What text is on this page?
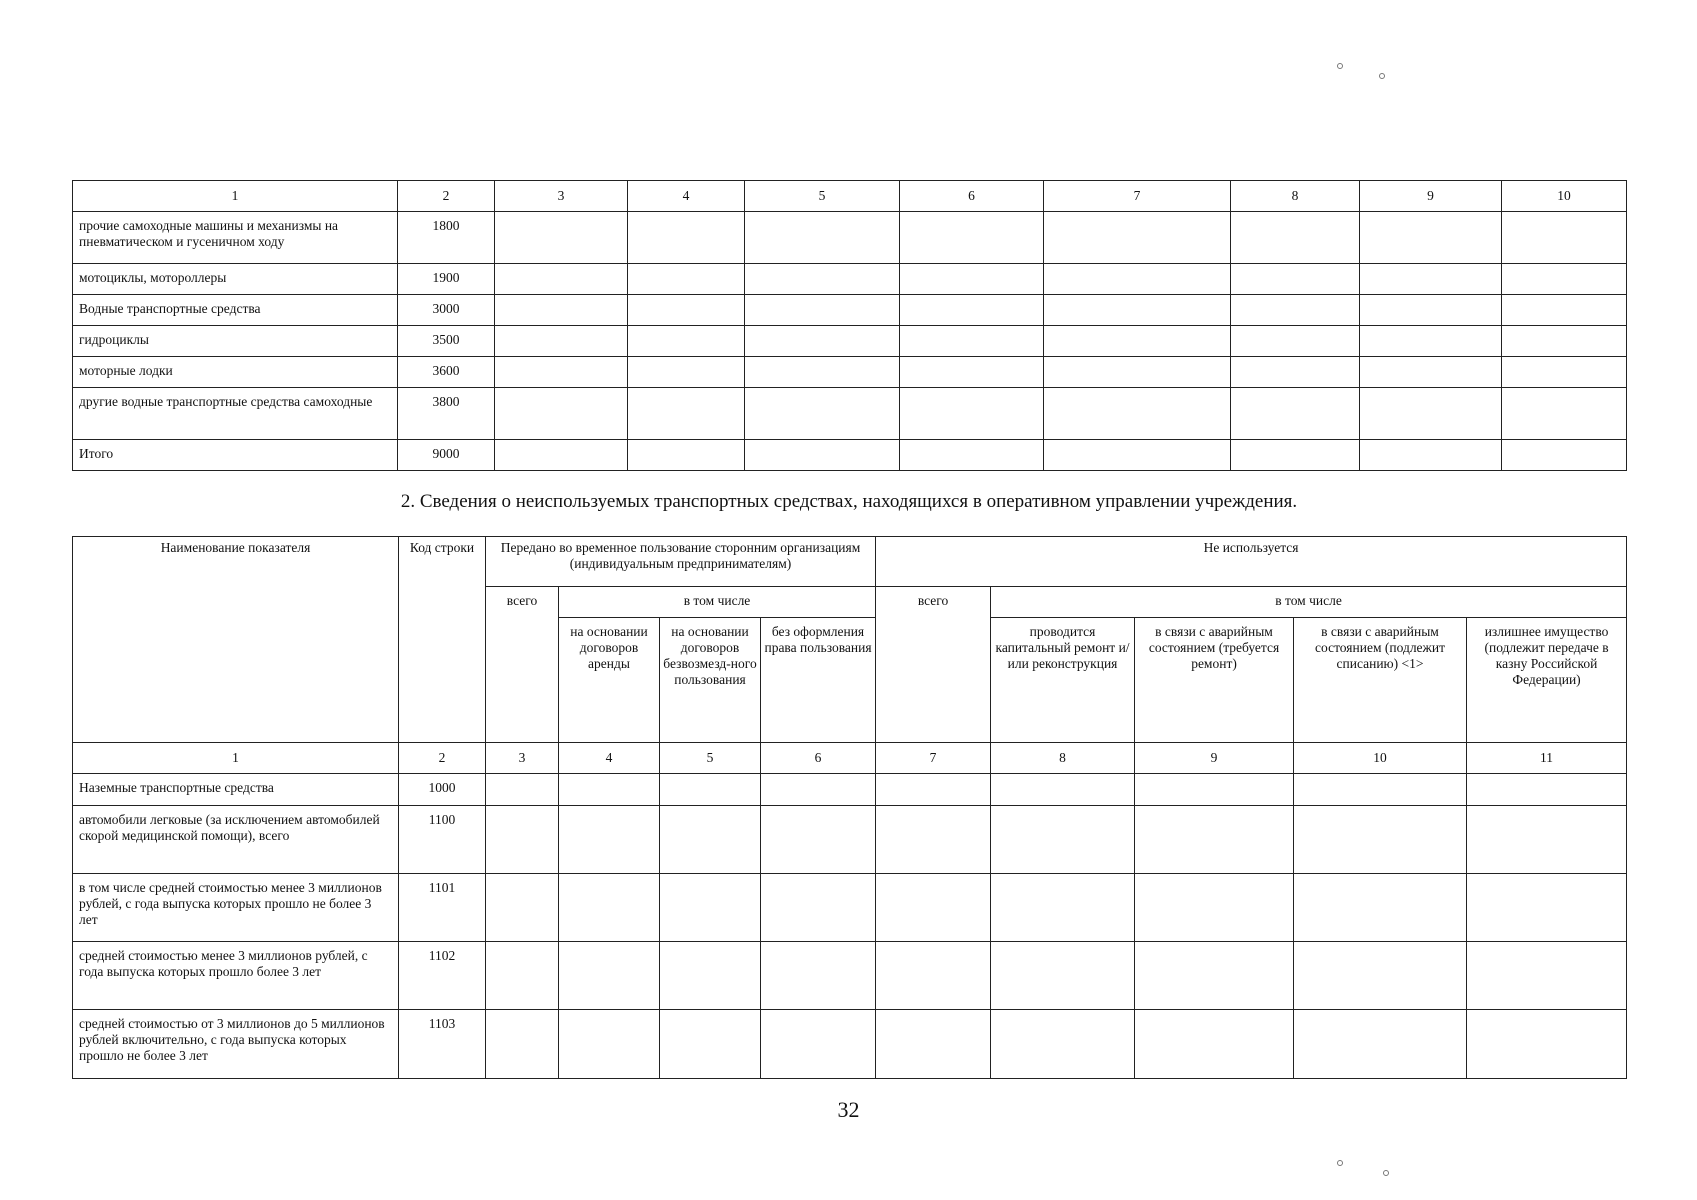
1	2	3	4	5	6	7	8	9	10
прочие самоходные машины и механизмы на пневматическом и гусеничном ходу	1800								
мотоциклы, мотороллеры	1900								
Водные транспортные средства	3000								
гидроциклы	3500								
моторные лодки	3600								
другие водные транспортные средства самоходные	3800								
Итого	9000								
2. Сведения о неиспользуемых транспортных средствах, находящихся в оперативном управлении учреждения.
Наименование показателя	Код строки	Передано во временное пользование сторонним организациям (индивидуальным предпринимателям)				Не используется				
		всего	в том числе			всего	в том числе			
			на основании договоров аренды	на основании договоров безвозмезд-ного пользования	без оформления права пользования		проводится капитальный ремонт и/или реконструкция	в связи с аварийным состоянием (требуется ремонт)	в связи с аварийным состоянием (подлежит списанию) <1>	излишнее имущество (подлежит передаче в казну Российской Федерации)
1	2	3	4	5	6	7	8	9	10	11
Наземные транспортные средства	1000									
автомобили легковые (за исключением автомобилей скорой медицинской помощи), всего	1100									
в том числе средней стоимостью менее 3 миллионов рублей, с года выпуска которых прошло не более 3 лет	1101									
средней стоимостью менее 3 миллионов рублей, с года выпуска которых прошло более 3 лет	1102									
средней стоимостью от 3 миллионов до 5 миллионов рублей включительно, с года выпуска которых прошло не более 3 лет	1103									
32
